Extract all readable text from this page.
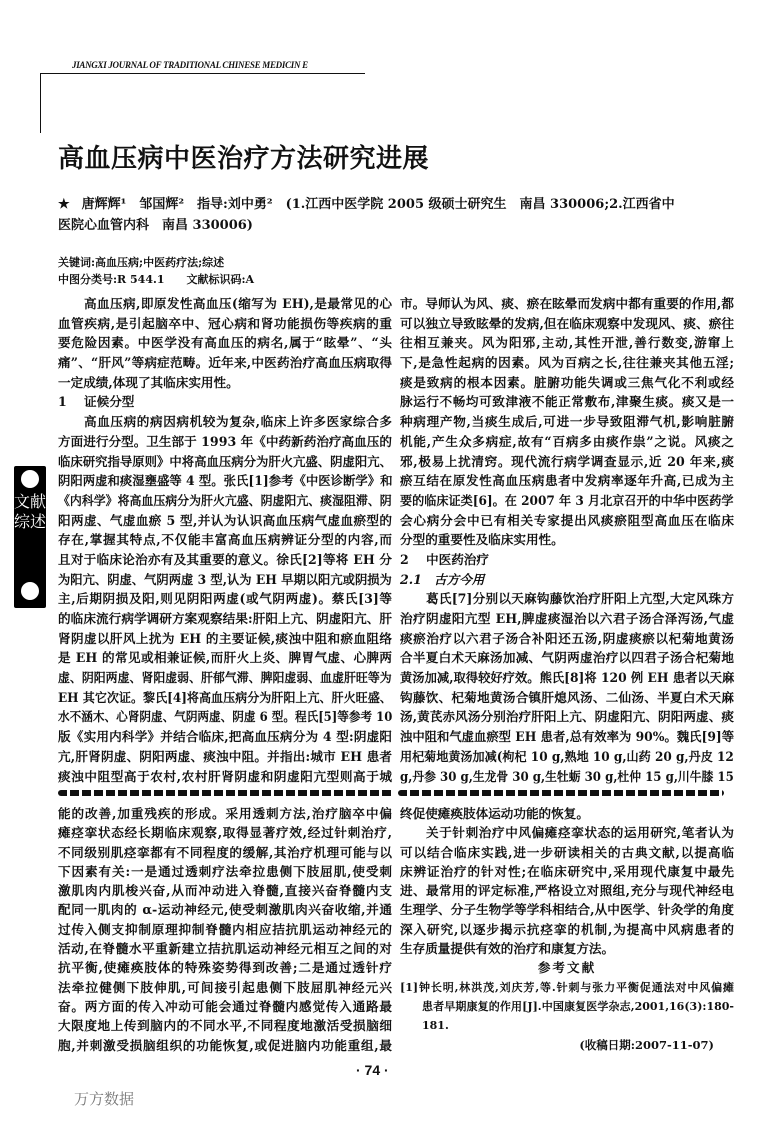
JIANGXI JOURNAL OF TRADITIONAL CHINESE MEDICIN E
高血压病中医治疗方法研究进展
★ 唐辉辉¹　邹国辉²　指导:刘中勇²　 (1.江西中医学院 2005 级硕士研究生　南昌 330006;2.江西省中
医院心血管内科　南昌 330006)
关键词:高血压病;中医药疗法;综述
中图分类号:R 544.1　　文献标识码:A
文献综述
高血压病,即原发性高血压(缩写为 EH),是最常见的心
血管疾病,是引起脑卒中、冠心病和肾功能损伤等疾病的重
要危险因素。中医学没有高血压的病名,属于“眩晕”、“头
痛”、“肝风”等病症范畴。近年来,中医药治疗高血压病取得
一定成绩,体现了其临床实用性。
1 证候分型
高血压病的病因病机较为复杂,临床上许多医家综合多
方面进行分型。卫生部于 1993 年《中药新药治疗高血压的
临床研究指导原则》中将高血压病分为肝火亢盛、阴虚阳亢、
阴阳两虚和痰湿壅盛等 4 型。张氏[1]参考《中医诊断学》和
《内科学》将高血压病分为肝火亢盛、阴虚阳亢、痰湿阻滞、阴
阳两虚、气虚血瘀 5 型,并认为认识高血压病气虚血瘀型的
存在,掌握其特点,不仅能丰富高血压病辨证分型的内容,而
且对于临床论治亦有及其重要的意义。徐氏[2]等将 EH 分
为阳亢、阴虚、气阴两虚 3 型,认为 EH 早期以阳亢或阴损为
主,后期阴损及阳,则见阴阳两虚(或气阴两虚)。蔡氏[3]等
的临床流行病学调研方案观察结果:肝阳上亢、阴虚阳亢、肝
肾阴虚以肝风上扰为 EH 的主要证候,痰浊中阻和瘀血阻络
是 EH 的常见或相兼证候,而肝火上炎、脾胃气虚、心脾两
虚、阴阳两虚、肾阳虚弱、肝郁气滞、脾阳虚弱、血虚肝旺等为
EH 其它次证。黎氏[4]将高血压病分为肝阳上亢、肝火旺盛、
水不涵木、心肾阴虚、气阴两虚、阴虚 6 型。程氏[5]等参考 10
版《实用内科学》并结合临床,把高血压病分为 4 型:阴虚阳
亢,肝肾阴虚、阴阳两虚、痰浊中阻。并指出:城市 EH 患者
痰浊中阻型高于农村,农村肝肾阴虚和阴虚阳亢型则高于城
市。导师认为风、痰、瘀在眩晕而发病中都有重要的作用,都
可以独立导致眩晕的发病,但在临床观察中发现风、痰、瘀往
往相互兼夹。风为阳邪,主动,其性开泄,善行数变,游窜上
下,是急性起病的因素。风为百病之长,往往兼夹其他五淫;
痰是致病的根本因素。脏腑功能失调或三焦气化不利或经
脉运行不畅均可致津液不能正常敷布,津聚生痰。痰又是一
种病理产物,当痰生成后,可进一步导致阻滞气机,影响脏腑
机能,产生众多病症,故有“百病多由痰作祟”之说。风痰之
邪,极易上扰清窍。现代流行病学调查显示,近 20 年来,痰
瘀互结在原发性高血压病患者中发病率逐年升高,已成为主
要的临床证类[6]。在 2007 年 3 月北京召开的中华中医药学
会心病分会中已有相关专家提出风痰瘀阻型高血压在临床
分型的重要性及临床实用性。
2 中医药治疗
2.1 古方今用
葛氏[7]分别以天麻钩藤饮治疗肝阳上亢型,大定风珠方
治疗阴虚阳亢型 EH,脾虚痰湿治以六君子汤合泽泻汤,气虚
痰瘀治疗以六君子汤合补阳还五汤,阴虚痰瘀以杞菊地黄汤
合半夏白术天麻汤加减、气阴两虚治疗以四君子汤合杞菊地
黄汤加减,取得较好疗效。熊氏[8]将 120 例 EH 患者以天麻
钩藤饮、杞菊地黄汤合镇肝熄风汤、二仙汤、半夏白术天麻
汤,黄芪赤风汤分别治疗肝阳上亢、阴虚阳亢、阴阳两虚、痰
浊中阻和气虚血瘀型 EH 患者,总有效率为 90%。魏氏[9]等
用杞菊地黄汤加减(枸杞 10 g,熟地 10 g,山药 20 g,丹皮 12
g,丹参 30 g,生龙骨 30 g,生牡蛎 30 g,杜仲 15 g,川牛膝 15
能的改善,加重残疾的形成。采用透刺方法,治疗脑卒中偏
瘫痉挛状态经长期临床观察,取得显著疗效,经过针刺治疗,
不同级别肌痉挛都有不同程度的缓解,其治疗机理可能与以
下因素有关:一是通过透刺疗法牵拉患侧下肢屈肌,使受刺
激肌肉内肌梭兴奋,从而冲动进入脊髓,直接兴奋脊髓内支
配同一肌肉的 α-运动神经元,使受刺激肌肉兴奋收缩,并通
过传入侧支抑制原理抑制脊髓内相应拮抗肌运动神经元的
活动,在脊髓水平重新建立拮抗肌运动神经元相互之间的对
抗平衡,使瘫痪肢体的特殊姿势得到改善;二是通过透针疗
法牵拉健侧下肢伸肌,可间接引起患侧下肢屈肌神经元兴
奋。两方面的传入冲动可能会通过脊髓内感觉传入通路最
大限度地上传到脑内的不同水平,不同程度地激活受损脑细
胞,并刺激受损脑组织的功能恢复,或促进脑内功能重组,最
终促使瘫痪肢体运动功能的恢复。
关于针刺治疗中风偏瘫痉挛状态的运用研究,笔者认为
可以结合临床实践,进一步研读相关的古典文献,以提高临
床辨证治疗的针对性;在临床研究中,采用现代康复中最先
进、最常用的评定标准,严格设立对照组,充分与现代神经电
生理学、分子生物学等学科相结合,从中医学、针灸学的角度
深入研究,以逐步揭示抗痉挛的机制,为提高中风病患者的
生存质量提供有效的治疗和康复方法。
参考文献
[1]钟长明,林洪茂,刘庆芳,等.针刺与张力平衡促通法对中风偏瘫
患者早期康复的作用[J].中国康复医学杂志,2001,16(3):180-
181.
(收稿日期:2007-11-07)
· 74 ·
万方数据
